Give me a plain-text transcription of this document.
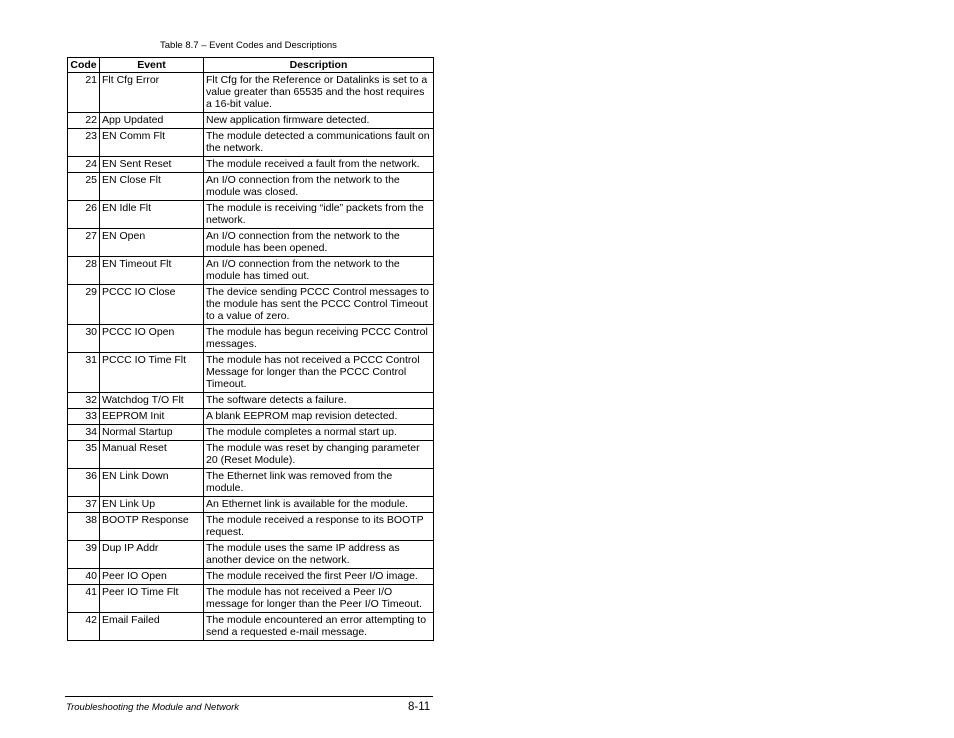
Table 8.7 – Event Codes and Descriptions
Code	Event	Description
21	Flt Cfg Error	Flt Cfg for the Reference or Datalinks is set to a value greater than 65535 and the host requires a 16-bit value.
22	App Updated	New application firmware detected.
23	EN Comm Flt	The module detected a communications fault on the network.
24	EN Sent Reset	The module received a fault from the network.
25	EN Close Flt	An I/O connection from the network to the module was closed.
26	EN Idle Flt	The module is receiving “idle” packets from the network.
27	EN Open	An I/O connection from the network to the module has been opened.
28	EN Timeout Flt	An I/O connection from the network to the module has timed out.
29	PCCC IO Close	The device sending PCCC Control messages to the module has sent the PCCC Control Timeout to a value of zero.
30	PCCC IO Open	The module has begun receiving PCCC Control messages.
31	PCCC IO Time Flt	The module has not received a PCCC Control Message for longer than the PCCC Control Timeout.
32	Watchdog T/O Flt	The software detects a failure.
33	EEPROM Init	A blank EEPROM map revision detected.
34	Normal Startup	The module completes a normal start up.
35	Manual Reset	The module was reset by changing parameter 20 (Reset Module).
36	EN Link Down	The Ethernet link was removed from the module.
37	EN Link Up	An Ethernet link is available for the module.
38	BOOTP Response	The module received a response to its BOOTP request.
39	Dup IP Addr	The module uses the same IP address as another device on the network.
40	Peer IO Open	The module received the first Peer I/O image.
41	Peer IO Time Flt	The module has not received a Peer I/O message for longer than the Peer I/O Timeout.
42	Email Failed	The module encountered an error attempting to send a requested e-mail message.
Troubleshooting the Module and Network	8-11
